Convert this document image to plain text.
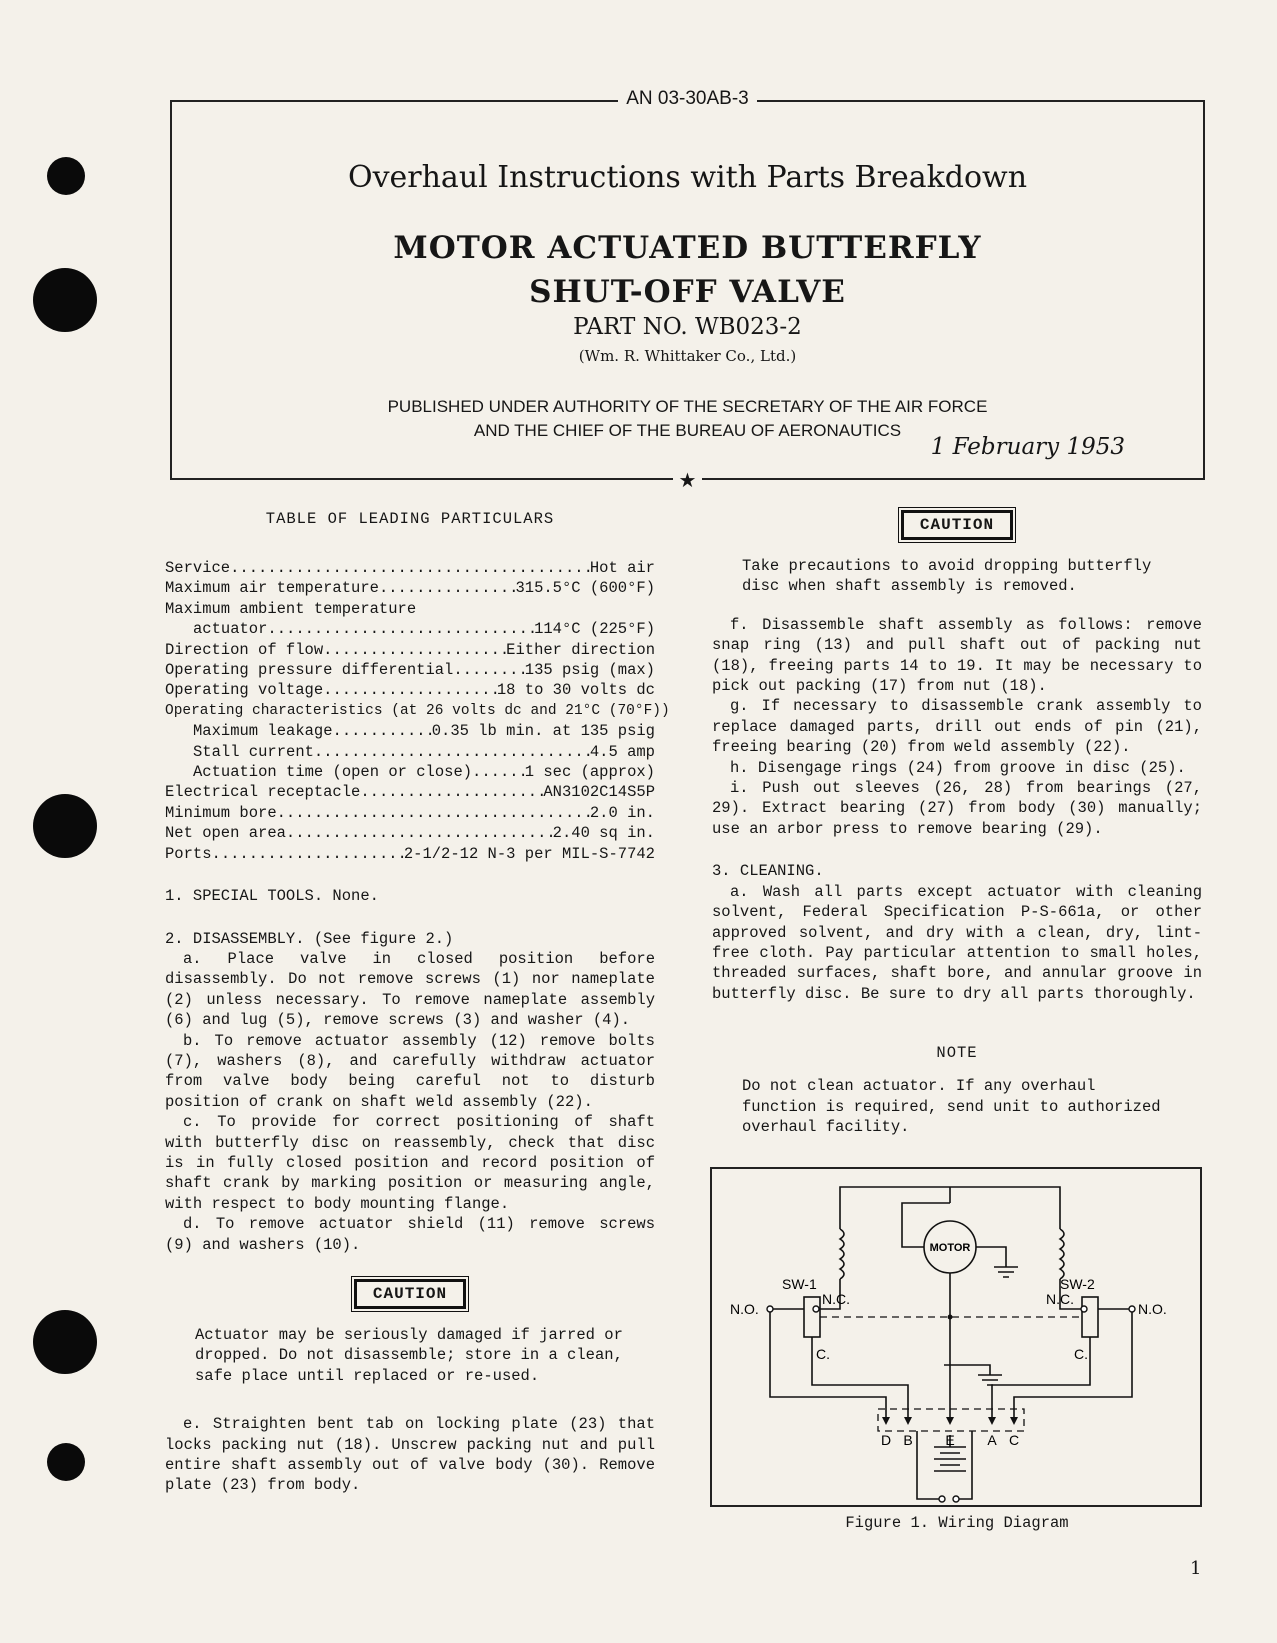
AN 03-30AB-3
Overhaul Instructions with Parts Breakdown
MOTOR ACTUATED BUTTERFLY
SHUT-OFF VALVE
PART NO. WB023-2
(Wm. R. Whittaker Co., Ltd.)
PUBLISHED UNDER AUTHORITY OF THE SECRETARY OF THE AIR FORCE
AND THE CHIEF OF THE BUREAU OF AERONAUTICS
1 February 1953
★
TABLE OF LEADING PARTICULARS
Service .....	Hot air
Maximum air temperature .....	315.5°C (600°F)
Maximum ambient temperature
actuator .....	114°C (225°F)
Direction of flow .....	Either direction
Operating pressure differential .....	135 psig (max)
Operating voltage .....	18 to 30 volts dc
Operating characteristics (at 26 volts dc and 21°C (70°F))
Maximum leakage .....	0.35 lb min. at 135 psig
Stall current .....	4.5 amp
Actuation time (open or close) .....	1 sec (approx)
Electrical receptacle .....	AN3102C14S5P
Minimum bore .....	2.0 in.
Net open area .....	2.40 sq in.
Ports .....	2-1/2-12 N-3 per MIL-S-7742
1. SPECIAL TOOLS. None.
2. DISASSEMBLY. (See figure 2.)

a. Place valve in closed position before disassembly. Do not remove screws (1) nor nameplate (2) unless necessary. To remove nameplate assembly (6) and lug (5), remove screws (3) and washer (4).

b. To remove actuator assembly (12) remove bolts (7), washers (8), and carefully withdraw actuator from valve body being careful not to disturb position of crank on shaft weld assembly (22).

c. To provide for correct positioning of shaft with butterfly disc on reassembly, check that disc is in fully closed position and record position of shaft crank by marking position or measuring angle, with respect to body mounting flange.

d. To remove actuator shield (11) remove screws (9) and washers (10).

CAUTION
Actuator may be seriously damaged if jarred or dropped. Do not disassemble; store in a clean, safe place until replaced or re-used.

e. Straighten bent tab on locking plate (23) that locks packing nut (18). Unscrew packing nut and pull entire shaft assembly out of valve body (30). Remove plate (23) from body.

CAUTION
Take precautions to avoid dropping butterfly disc when shaft assembly is removed.

f. Disassemble shaft assembly as follows: remove snap ring (13) and pull shaft out of packing nut (18), freeing parts 14 to 19. It may be necessary to pick out packing (17) from nut (18).

g. If necessary to disassemble crank assembly to replace damaged parts, drill out ends of pin (21), freeing bearing (20) from weld assembly (22).

h. Disengage rings (24) from groove in disc (25).

i. Push out sleeves (26, 28) from bearings (27, 29). Extract bearing (27) from body (30) manually; use an arbor press to remove bearing (29).

3. CLEANING.

a. Wash all parts except actuator with cleaning solvent, Federal Specification P-S-661a, or other approved solvent, and dry with a clean, dry, lint-free cloth. Pay particular attention to small holes, threaded surfaces, shaft bore, and annular groove in butterfly disc. Be sure to dry all parts thoroughly.

NOTE
Do not clean actuator. If any overhaul function is required, send unit to authorized overhaul facility.
MOTOR
SW-1	SW-2
N.O.
N.C.
C.
N.C.
N.O.
C.
D B E A C
Figure 1. Wiring Diagram
1
